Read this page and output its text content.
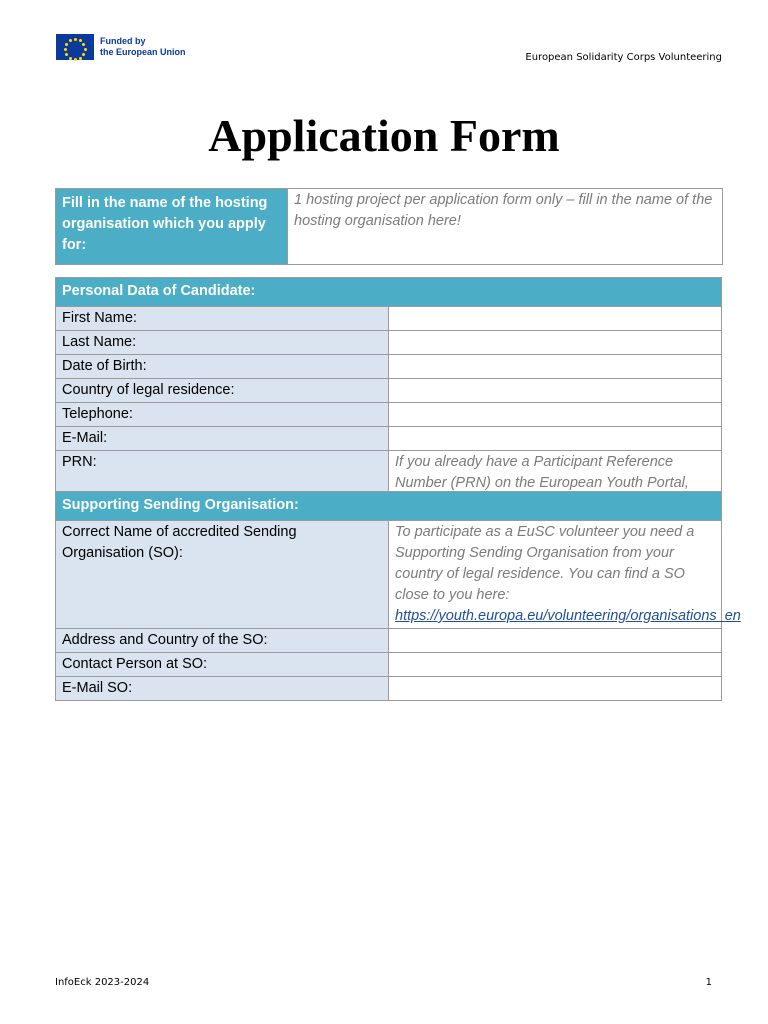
Funded by
the European Union	European Solidarity Corps Volunteering
Application Form
Fill in the name of the hosting organisation which you apply for:	1 hosting project per application form only – fill in the name of the hosting organisation here!
Personal Data of Candidate:	
First Name:	
Last Name:	
Date of Birth:	
Country of legal residence:	
Telephone:	
E-Mail:	
PRN:	If you already have a Participant Reference Number (PRN) on the European Youth Portal,
Supporting Sending Organisation:	
Correct Name of accredited Sending Organisation (SO):	To participate as a EuSC volunteer you need a Supporting Sending Organisation from your country of legal residence. You can find a SO close to you here: https://youth.europa.eu/volunteering/organisations_en
Address and Country of the SO:	
Contact Person at SO:	
E-Mail SO:	
InfoEck 2023-2024	1
